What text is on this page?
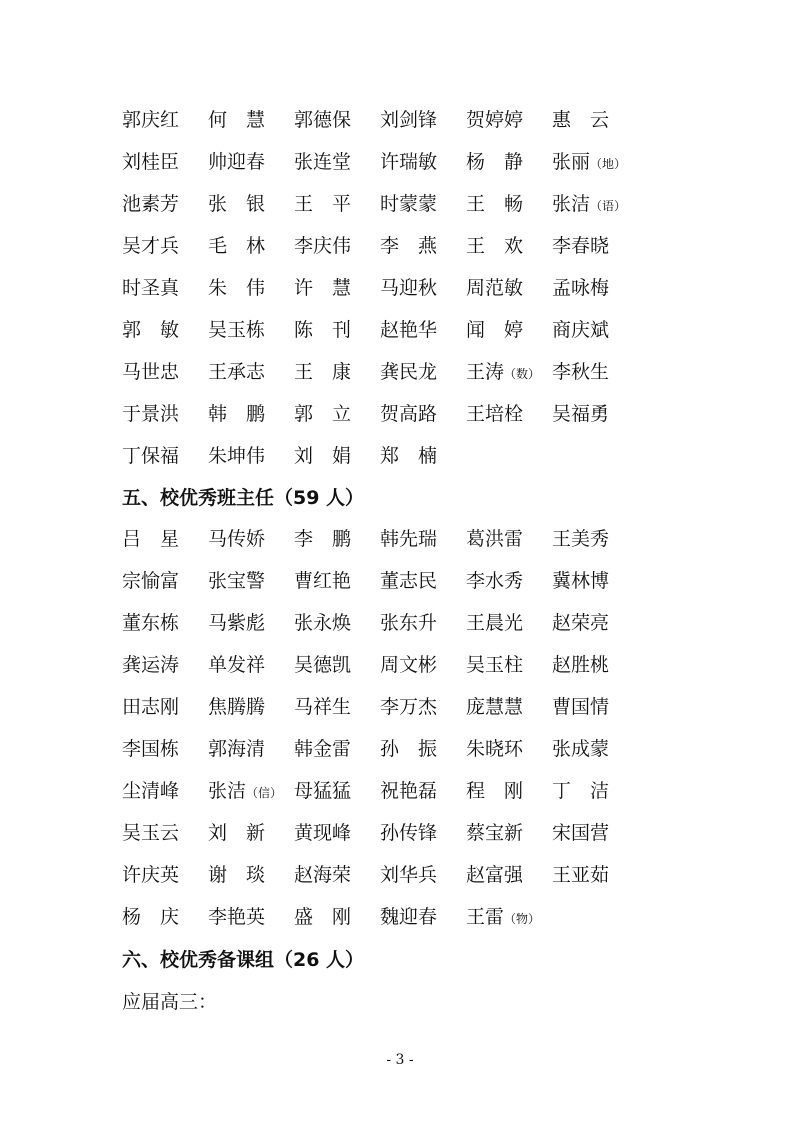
郭庆红	何　慧	郭德保	刘剑锋	贺婷婷	惠　云
刘桂臣	帅迎春	张连堂	许瑞敏	杨　静	张丽（地）
池素芳	张　银	王　平	时蒙蒙	王　畅	张洁（语）
吴才兵	毛　林	李庆伟	李　燕	王　欢	李春晓
时圣真	朱　伟	许　慧	马迎秋	周范敏	孟咏梅
郭　敏	吴玉栋	陈　刊	赵艳华	闻　婷	商庆斌
马世忠	王承志	王　康	龚民龙	王涛（数） 李秋生
于景洪	韩　鹏	郭　立	贺高路	王培栓	吴福勇
丁保福	朱坤伟	刘　娟	郑　楠
五、校优秀班主任（59 人）
吕　星	马传娇	李　鹏	韩先瑞	葛洪雷	王美秀
宗愉富	张宝警	曹红艳	董志民	李水秀	冀林博
董东栋	马紫彪	张永焕	张东升	王晨光	赵荣亮
龚运涛	单发祥	吴德凯	周文彬	吴玉柱	赵胜桃
田志刚	焦腾腾	马祥生	李万杰	庞慧慧	曹国情
李国栋	郭海清	韩金雷	孙　振	朱晓环	张成蒙
尘清峰	张洁（信） 母猛猛	祝艳磊	程　刚	丁　洁
吴玉云	刘　新	黄现峰	孙传锋	蔡宝新	宋国营
许庆英	谢　琰	赵海荣	刘华兵	赵富强	王亚茹
杨　庆	李艳英	盛　刚	魏迎春	王雷（物）
六、校优秀备课组（26 人）
应届高三：
- 3 -
